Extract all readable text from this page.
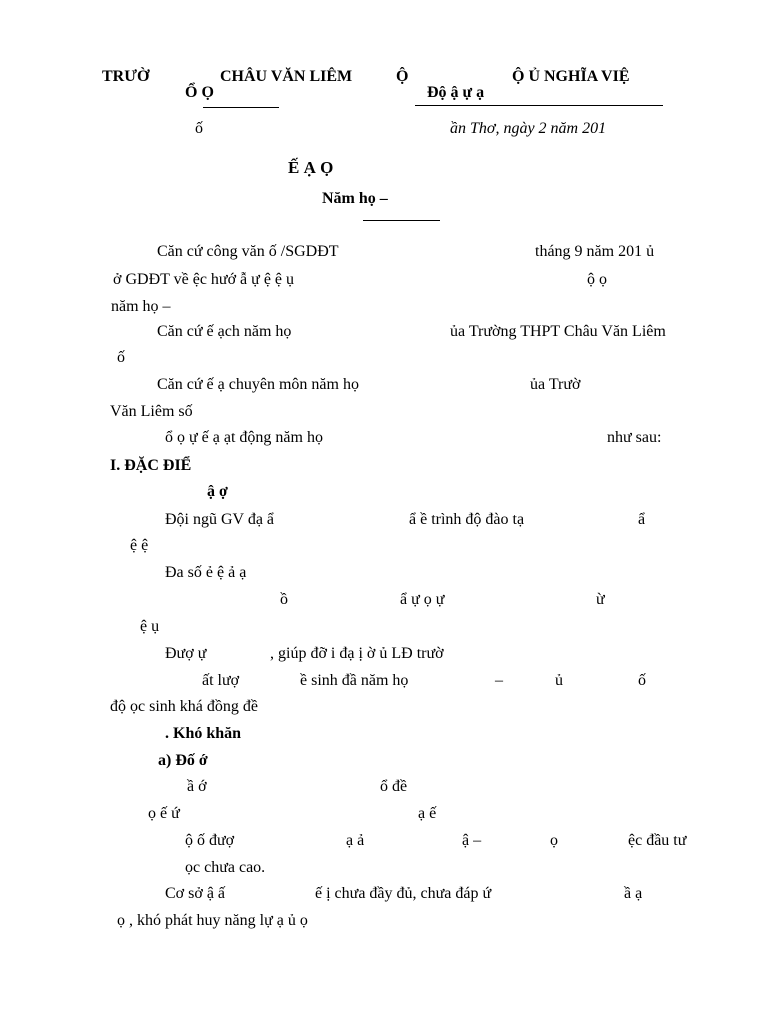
TRƯỜ	CHÂU VĂN LIÊM
Ổ Ọ
Ộ	Ộ Ủ NGHĨA VIỆ
Độ ậ ự ạ
ố	ần Thơ, ngày 2 năm 201
Ế Ạ Ọ
Năm họ –
Căn cứ công văn ố /SGDĐT	tháng 9 năm 201 ủ
ở GDĐT về ệc hướ ẫ ự ệ ệ ụ	ộ ọ
năm họ –
Căn cứ ế ạch năm họ	ủa Trường THPT Châu Văn Liêm
ố
Căn cứ ế ạ chuyên môn năm họ	ủa Trườ
Văn Liêm số
ổ ọ ự ế ạ ạt động năm họ	như sau:
I. ĐẶC ĐIỂ
ậ ợ
Đội ngũ GV đạ ẩ	ẩ ề trình độ đào tạ	ẩ
ệ ệ
Đa số ẻ ệ ả ạ
ồ	ẩ ự ọ ự	ừ
ệ ụ
Đượ ự	, giúp đỡ i đạ ị ờ ủ LĐ trườ
ất lượ	ề sinh đầ năm họ	–	ủ	ố
độ ọc sinh khá đồng đề
. Khó khăn
a) Đố ớ
ầ ớ	ổ đề
ọ ế ứ	ạ ế
ộ ố đượ	ạ ả	ậ –	ọ	ệc đầu tư
ọc chưa cao.
Cơ sở ậ ấ	ế ị chưa đầy đủ, chưa đáp ứ	ầ ạ
ọ , khó phát huy năng lự ạ ủ ọ
